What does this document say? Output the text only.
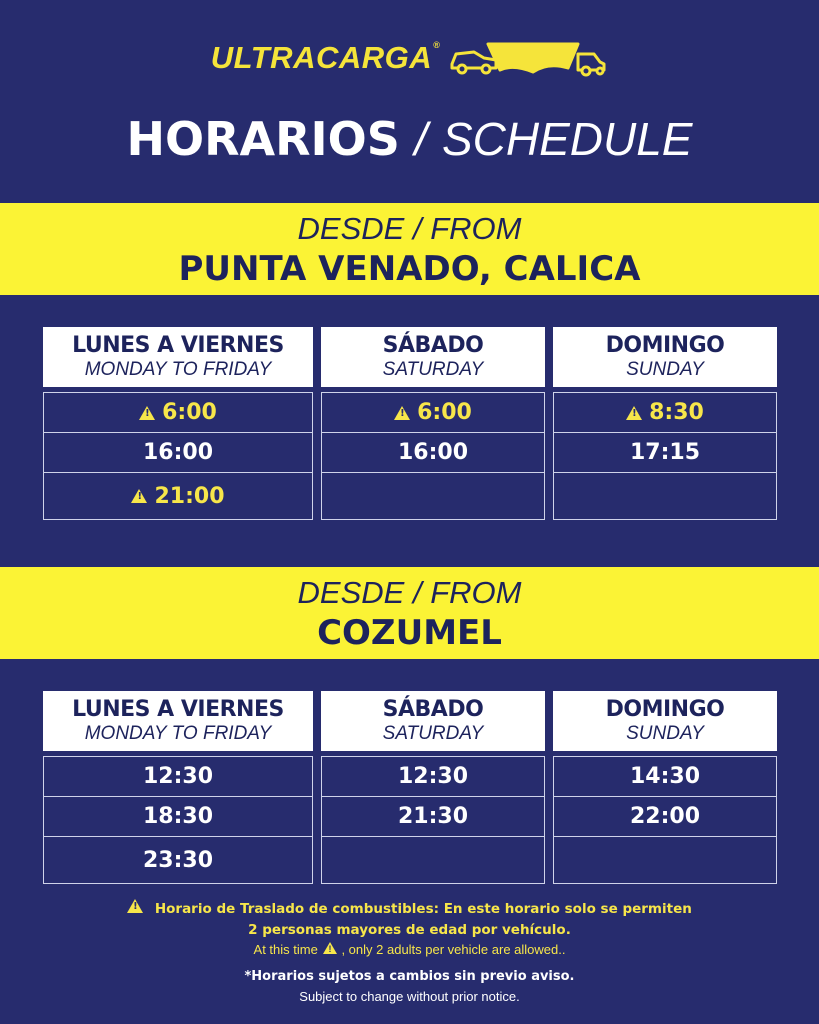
ULTRACARGA®
HORARIOS / SCHEDULE
DESDE / FROM
PUNTA VENADO, CALICA
DESDE / FROM
COZUMEL
LUNES A VIERNES
MONDAY TO FRIDAY
!
6:00
16:00
!
21:00
SÁBADO
SATURDAY
!
6:00
16:00
DOMINGO
SUNDAY
!
8:30
17:15
LUNES A VIERNES
MONDAY TO FRIDAY
12:30
18:30
23:30
SÁBADO
SATURDAY
12:30
21:30
DOMINGO
SUNDAY
14:30
22:00
! Horario de Traslado de combustibles: En este horario solo se permiten
2 personas mayores de edad por vehículo.
At this time ! , only 2 adults per vehicle are allowed..
*Horarios sujetos a cambios sin previo aviso.
Subject to change without prior notice.
